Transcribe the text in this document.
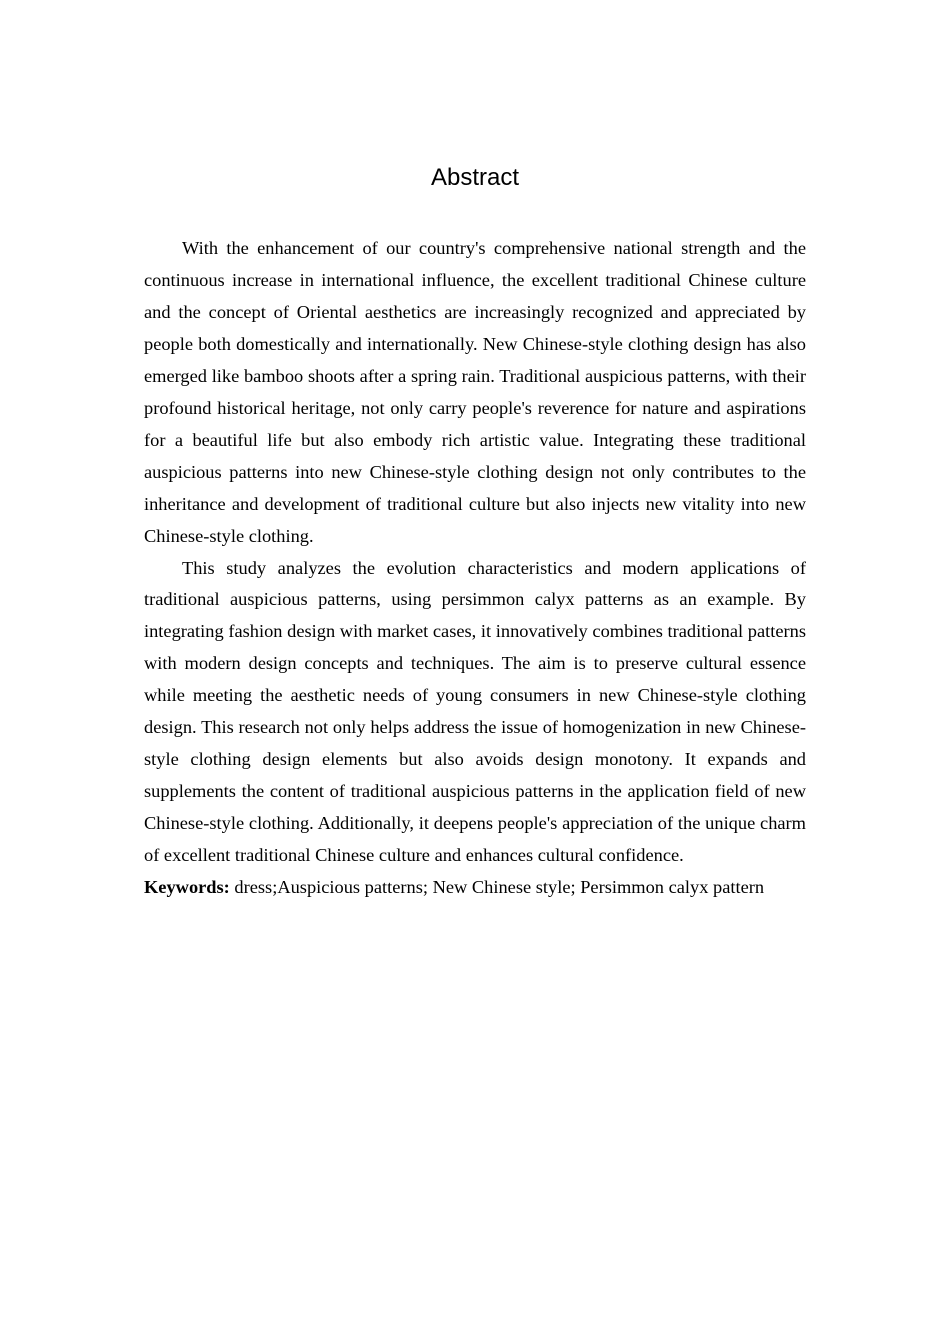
Abstract

With the enhancement of our country's comprehensive national strength and the continuous increase in international influence, the excellent traditional Chinese culture and the concept of Oriental aesthetics are increasingly recognized and appreciated by people both domestically and internationally. New Chinese-style clothing design has also emerged like bamboo shoots after a spring rain. Traditional auspicious patterns, with their profound historical heritage, not only carry people's reverence for nature and aspirations for a beautiful life but also embody rich artistic value. Integrating these traditional auspicious patterns into new Chinese-style clothing design not only contributes to the inheritance and development of traditional culture but also injects new vitality into new Chinese-style clothing.

This study analyzes the evolution characteristics and modern applications of traditional auspicious patterns, using persimmon calyx patterns as an example. By integrating fashion design with market cases, it innovatively combines traditional patterns with modern design concepts and techniques. The aim is to preserve cultural essence while meeting the aesthetic needs of young consumers in new Chinese-style clothing design. This research not only helps address the issue of homogenization in new Chinese-style clothing design elements but also avoids design monotony. It expands and supplements the content of traditional auspicious patterns in the application field of new Chinese-style clothing. Additionally, it deepens people's appreciation of the unique charm of excellent traditional Chinese culture and enhances cultural confidence.

Keywords: dress;Auspicious patterns; New Chinese style; Persimmon calyx pattern
